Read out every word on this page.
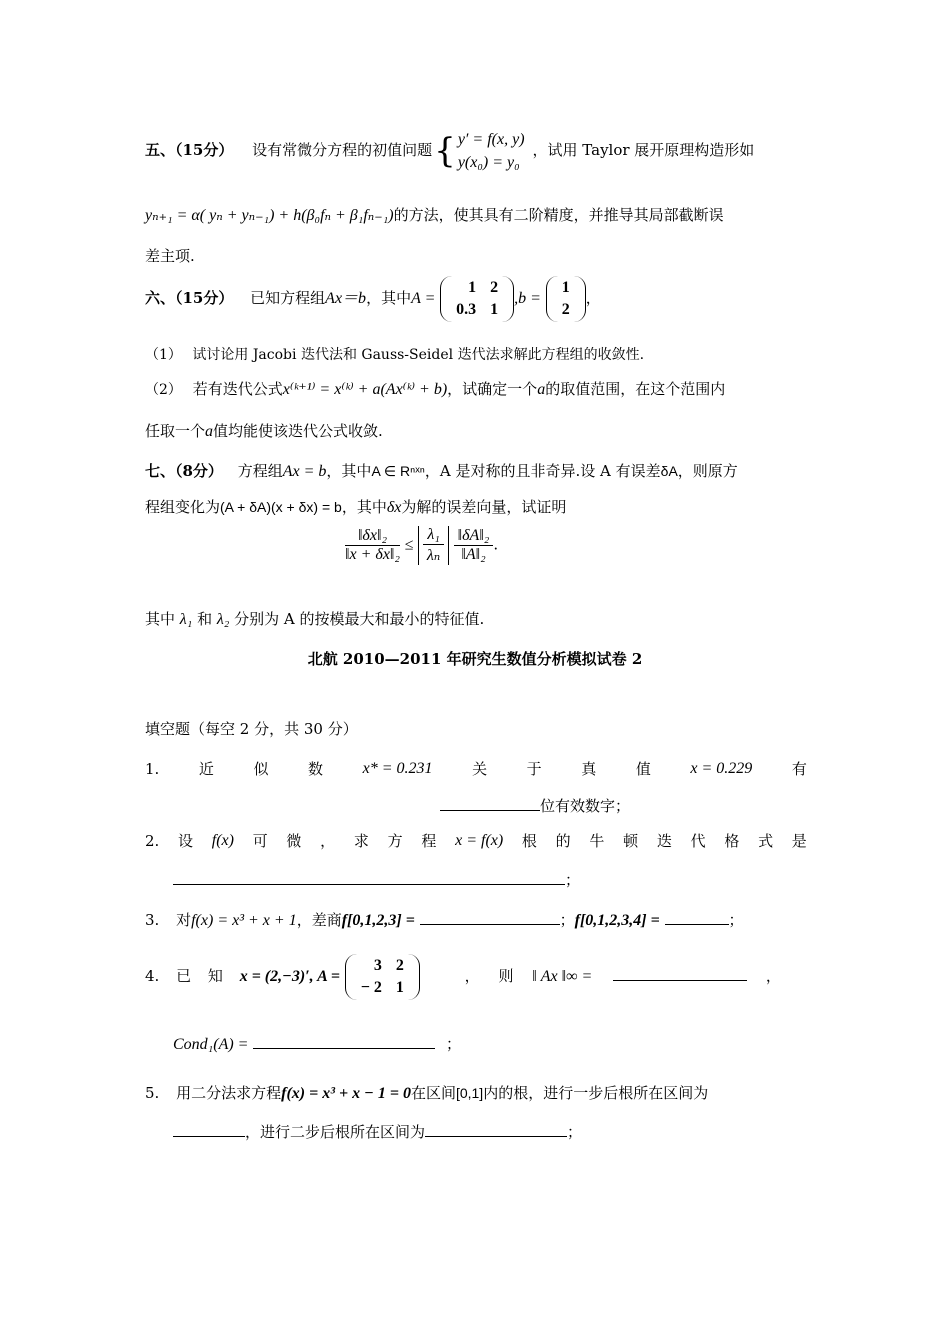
五、（15分） 设有常微分方程的初值问题{ y′ = f(x, y)
y(x₀) = y₀，试用 Taylor 展开原理构造形如
yₙ₊₁ = α( yₙ + yₙ₋₁) + h(β₀fₙ + β₁fₙ₋₁)的方法，使其具有二阶精度，并推导其局部截断误
差主项.
六、（15分） 已知方程组Ax＝b，其中A =
1	2
0.3	1
,b =
1
2
，
（1） 试讨论用 Jacobi 迭代法和 Gauss-Seidel 迭代法求解此方程组的收敛性.
（2） 若有迭代公式x⁽ᵏ⁺¹⁾ = x⁽ᵏ⁾ + a(Ax⁽ᵏ⁾ + b)，试确定一个a的取值范围，在这个范围内
任取一个a值均能使该迭代公式收敛.
七、（8分） 方程组Ax = b，其中A ∈ Rⁿˣⁿ，A 是对称的且非奇异.设 A 有误差δA，则原方
程组变化为(A + δA)(x + δx) = b，其中δx为解的误差向量，试证明
$\frac{\text{‖δx‖₂}}{\text{‖x + δx‖₂}} \le \frac{\text{λ₁}}{\text{λₙ}}$
$\frac{\text{‖δA‖₂}}{\text{‖A‖₂}}$ .
其中 λ₁ 和 λ₂ 分别为 A 的按模最大和最小的特征值.
北航 2010—2011 年研究生数值分析模拟试卷 2
填空题（每空 2 分，共 30 分）
1.	近	似	数 x* = 0.231	关	于	真	值 x = 0.229	有
位有效数字；
2. 设 f(x) 可 微 ， 求 方 程 x = f(x) 根 的 牛 顿 迭 代 格 式 是
；
3. 对f(x) = x³ + x + 1，差商f[0,1,2,3] =	；f[0,1,2,3,4] =	；
4. 已 知 x = (2,−3)′, A =
3	2
− 2	1
， 则 ‖ Ax ‖∞ =	，
Cond₁(A) =	；
5. 用二分法求方程f(x) = x³ + x − 1 = 0在区间[0,1]内的根，进行一步后根所在区间为
，进行二步后根所在区间为	；
